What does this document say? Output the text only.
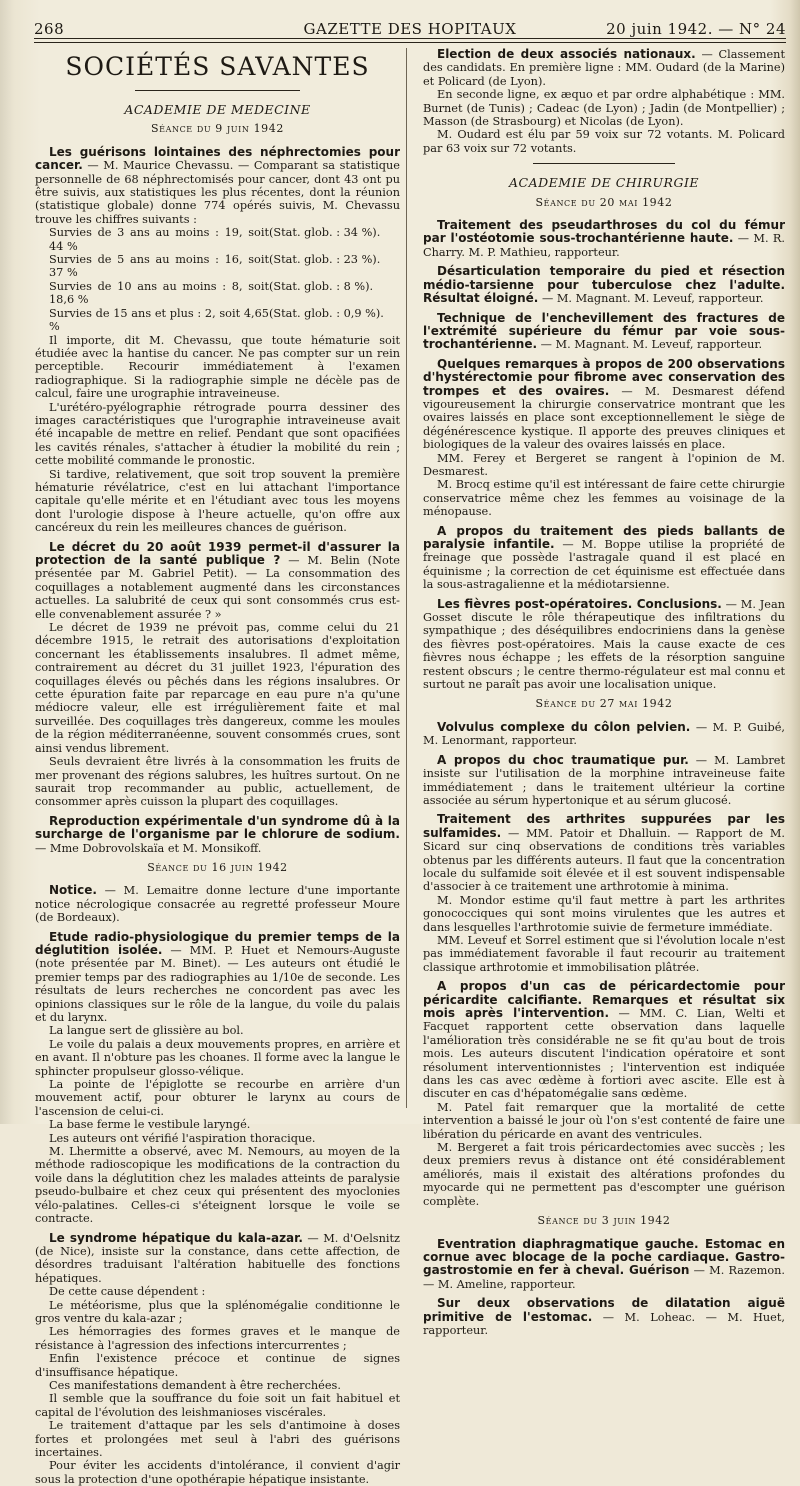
268	GAZETTE DES HOPITAUX	20 juin 1942. — N° 24
SOCIÉTÉS SAVANTES
ACADEMIE DE MEDECINE
Séance du 9 juin 1942

Les guérisons lointaines des néphrectomies pour cancer. — M. Maurice Chevassu. — Comparant sa statistique personnelle de 68 néphrectomisés pour cancer, dont 43 ont pu être suivis, aux statistiques les plus récentes, dont la réunion (statistique globale) donne 774 opérés suivis, M. Chevassu trouve les chiffres suivants :

Survies de 3 ans au moins : 19, soit 44 %
(Stat. glob. : 34 %).
Survies de 5 ans au moins : 16, soit 37 %
(Stat. glob. : 23 %).
Survies de 10 ans au moins : 8, soit 18,6 %
(Stat. glob. : 8 %).
Survies de 15 ans et plus : 2, soit 4,65 %
(Stat. glob. : 0,9 %).

Il importe, dit M. Chevassu, que toute hématurie soit étudiée avec la hantise du cancer. Ne pas compter sur un rein perceptible. Recourir immédiatement à l'examen radiographique. Si la radiographie simple ne décèle pas de calcul, faire une urographie intraveineuse.

L'urétéro-pyélographie rétrograde pourra dessiner des images caractéristiques que l'urographie intraveineuse avait été incapable de mettre en relief. Pendant que sont opacifiées les cavités rénales, s'attacher à étudier la mobilité du rein ; cette mobilité commande le pronostic.

Si tardive, relativement, que soit trop souvent la première hématurie révélatrice, c'est en lui attachant l'importance capitale qu'elle mérite et en l'étudiant avec tous les moyens dont l'urologie dispose à l'heure actuelle, qu'on offre aux cancéreux du rein les meilleures chances de guérison.

Le décret du 20 août 1939 permet-il d'assurer la protection de la santé publique ? — M. Belin (Note présentée par M. Gabriel Petit). — La consommation des coquillages a notablement augmenté dans les circonstances actuelles. La salubrité de ceux qui sont consommés crus est-elle convenablement assurée ? »

Le décret de 1939 ne prévoit pas, comme celui du 21 décembre 1915, le retrait des autorisations d'exploitation concernant les établissements insalubres. Il admet même, contrairement au décret du 31 juillet 1923, l'épuration des coquillages élevés ou pêchés dans les régions insalubres. Or cette épuration faite par reparcage en eau pure n'a qu'une médiocre valeur, elle est irrégulièrement faite et mal surveillée. Des coquillages très dangereux, comme les moules de la région méditerranéenne, souvent consommés crues, sont ainsi vendus librement.

Seuls devraient être livrés à la consommation les fruits de mer provenant des régions salubres, les huîtres surtout. On ne saurait trop recommander au public, actuellement, de consommer après cuisson la plupart des coquillages.

Reproduction expérimentale d'un syndrome dû à la surcharge de l'organisme par le chlorure de sodium. — Mme Dobrovolskaïa et M. Monsikoff.

Séance du 16 juin 1942

Notice. — M. Lemaitre donne lecture d'une importante notice nécrologique consacrée au regretté professeur Moure (de Bordeaux).

Etude radio-physiologique du premier temps de la déglutition isolée. — MM. P. Huet et Nemours-Auguste (note présentée par M. Binet). — Les auteurs ont étudié le premier temps par des radiographies au 1/10e de seconde. Les résultats de leurs recherches ne concordent pas avec les opinions classiques sur le rôle de la langue, du voile du palais et du larynx.

La langue sert de glissière au bol.

Le voile du palais a deux mouvements propres, en arrière et en avant. Il n'obture pas les choanes. Il forme avec la langue le sphincter propulseur glosso-vélique.

La pointe de l'épiglotte se recourbe en arrière d'un mouvement actif, pour obturer le larynx au cours de l'ascension de celui-ci.

La base ferme le vestibule laryngé.

Les auteurs ont vérifié l'aspiration thoracique.

M. Lhermitte a observé, avec M. Nemours, au moyen de la méthode radioscopique les modifications de la contraction du voile dans la déglutition chez les malades atteints de paralysie pseudo-bulbaire et chez ceux qui présentent des myoclonies vélo-palatines. Celles-ci s'éteignent lorsque le voile se contracte.

Le syndrome hépatique du kala-azar. — M. d'Oelsnitz (de Nice), insiste sur la constance, dans cette affection, de désordres traduisant l'altération habituelle des fonctions hépatiques.

De cette cause dépendent :

Le météorisme, plus que la splénomégalie conditionne le gros ventre du kala-azar ;

Les hémorragies des formes graves et le manque de résistance à l'agression des infections intercurrentes ;

Enfin l'existence précoce et continue de signes d'insuffisance hépatique.

Ces manifestations demandent à être recherchées.

Il semble que la souffrance du foie soit un fait habituel et capital de l'évolution des leishmanioses viscérales.

Le traitement d'attaque par les sels d'antimoine à doses fortes et prolongées met seul à l'abri des guérisons incertaines.

Pour éviter les accidents d'intolérance, il convient d'agir sous la protection d'une opothérapie hépatique insistante.

Election de deux associés nationaux. — Classement des candidats. En première ligne : MM. Oudard (de la Marine) et Policard (de Lyon).

En seconde ligne, ex æquo et par ordre alphabétique : MM. Burnet (de Tunis) ; Cadeac (de Lyon) ; Jadin (de Montpellier) ; Masson (de Strasbourg) et Nicolas (de Lyon).

M. Oudard est élu par 59 voix sur 72 votants. M. Policard par 63 voix sur 72 votants.

ACADEMIE DE CHIRURGIE
Séance du 20 mai 1942

Traitement des pseudarthroses du col du fémur par l'ostéotomie sous-trochantérienne haute. — M. R. Charry. M. P. Mathieu, rapporteur.

Désarticulation temporaire du pied et résection médio-tarsienne pour tuberculose chez l'adulte. Résultat éloigné. — M. Magnant. M. Leveuf, rapporteur.

Technique de l'enchevillement des fractures de l'extrémité supérieure du fémur par voie sous-trochantérienne. — M. Magnant. M. Leveuf, rapporteur.

Quelques remarques à propos de 200 observations d'hystérectomie pour fibrome avec conservation des trompes et des ovaires. — M. Desmarest défend vigoureusement la chirurgie conservatrice montrant que les ovaires laissés en place sont exceptionnellement le siège de dégénérescence kystique. Il apporte des preuves cliniques et biologiques de la valeur des ovaires laissés en place.

MM. Ferey et Bergeret se rangent à l'opinion de M. Desmarest.

M. Brocq estime qu'il est intéressant de faire cette chirurgie conservatrice même chez les femmes au voisinage de la ménopause.

A propos du traitement des pieds ballants de paralysie infantile. — M. Boppe utilise la propriété de freinage que possède l'astragale quand il est placé en équinisme ; la correction de cet équinisme est effectuée dans la sous-astragalienne et la médiotarsienne.

Les fièvres post-opératoires. Conclusions. — M. Jean Gosset discute le rôle thérapeutique des infiltrations du sympathique ; des déséquilibres endocriniens dans la genèse des fièvres post-opératoires. Mais la cause exacte de ces fièvres nous échappe ; les effets de la résorption sanguine restent obscurs ; le centre thermo-régulateur est mal connu et surtout ne paraît pas avoir une localisation unique.

Séance du 27 mai 1942

Volvulus complexe du côlon pelvien. — M. P. Guibé, M. Lenormant, rapporteur.

A propos du choc traumatique pur. — M. Lambret insiste sur l'utilisation de la morphine intraveineuse faite immédiatement ; dans le traitement ultérieur la cortine associée au sérum hypertonique et au sérum glucosé.

Traitement des arthrites suppurées par les sulfamides. — MM. Patoir et Dhalluin. — Rapport de M. Sicard sur cinq observations de conditions très variables obtenus par les différents auteurs. Il faut que la concentration locale du sulfamide soit élevée et il est souvent indispensable d'associer à ce traitement une arthrotomie à minima.

M. Mondor estime qu'il faut mettre à part les arthrites gonococciques qui sont moins virulentes que les autres et dans lesquelles l'arthrotomie suivie de fermeture immédiate.

MM. Leveuf et Sorrel estiment que si l'évolution locale n'est pas immédiatement favorable il faut recourir au traitement classique arthrotomie et immobilisation plâtrée.

A propos d'un cas de péricardectomie pour péricardite calcifiante. Remarques et résultat six mois après l'intervention. — MM. C. Lian, Welti et Facquet rapportent cette observation dans laquelle l'amélioration très considérable ne se fit qu'au bout de trois mois. Les auteurs discutent l'indication opératoire et sont résolument interventionnistes ; l'intervention est indiquée dans les cas avec œdème à fortiori avec ascite. Elle est à discuter en cas d'hépatomégalie sans œdème.

M. Patel fait remarquer que la mortalité de cette intervention a baissé le jour où l'on s'est contenté de faire une libération du péricarde en avant des ventricules.

M. Bergeret a fait trois péricardectomies avec succès ; les deux premiers revus à distance ont été considérablement améliorés, mais il existait des altérations profondes du myocarde qui ne permettent pas d'escompter une guérison complète.

Séance du 3 juin 1942

Eventration diaphragmatique gauche. Estomac en cornue avec blocage de la poche cardiaque. Gastro-gastrostomie en fer à cheval. Guérison — M. Razemon. — M. Ameline, rapporteur.

Sur deux observations de dilatation aiguë primitive de l'estomac. — M. Loheac. — M. Huet, rapporteur.
